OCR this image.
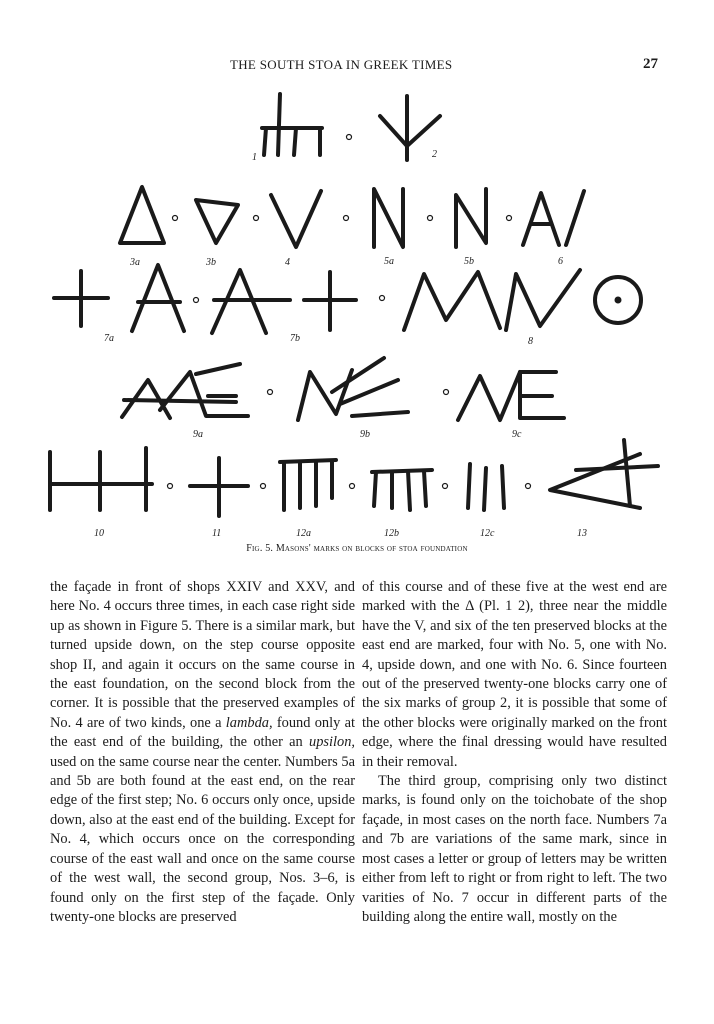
THE SOUTH STOA IN GREEK TIMES	27
1	2
3a	3b	4	5a	5b	6
7a	7b	8
9a	9b	9c
10	11	12a	12b	12c	13
Fig. 5. Masons' marks on blocks of stoa foundation

the façade in front of shops XXIV and XXV, and here No. 4 occurs three times, in each case right side up as shown in Figure 5. There is a similar mark, but turned upside down, on the step course opposite shop II, and again it occurs on the same course in the east foundation, on the second block from the corner. It is possible that the preserved examples of No. 4 are of two kinds, one a lambda, found only at the east end of the building, the other an upsilon, used on the same course near the center. Numbers 5a and 5b are both found at the east end, on the rear edge of the first step; No. 6 occurs only once, upside down, also at the east end of the building. Except for No. 4, which occurs once on the corresponding course of the east wall and once on the same course of the west wall, the second group, Nos. 3–6, is found only on the first step of the façade. Only twenty-one blocks are preserved

of this course and of these five at the west end are marked with the Δ (Pl. 1 2), three near the middle have the V, and six of the ten preserved blocks at the east end are marked, four with No. 5, one with No. 4, upside down, and one with No. 6. Since fourteen out of the preserved twenty-one blocks carry one of the six marks of group 2, it is possible that some of the other blocks were originally marked on the front edge, where the final dressing would have resulted in their removal.

The third group, comprising only two distinct marks, is found only on the toichobate of the shop façade, in most cases on the north face. Numbers 7a and 7b are variations of the same mark, since in most cases a letter or group of letters may be written either from left to right or from right to left. The two varities of No. 7 occur in different parts of the building along the entire wall, mostly on the
